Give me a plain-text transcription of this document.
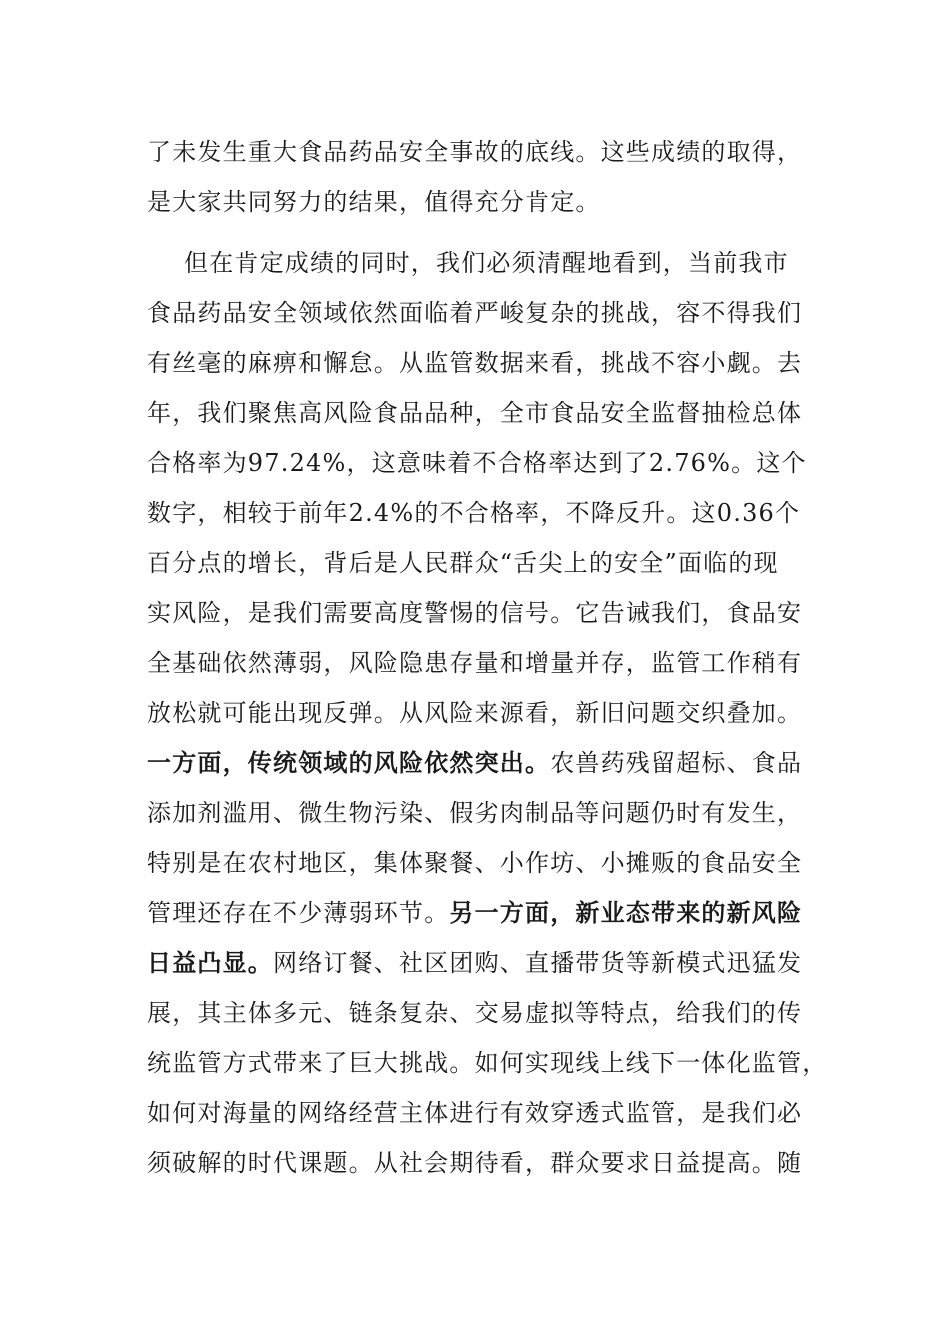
了未发生重大食品药品安全事故的底线。这些成绩的取得，
是大家共同努力的结果，值得充分肯定。
但在肯定成绩的同时，我们必须清醒地看到，当前我市
食品药品安全领域依然面临着严峻复杂的挑战，容不得我们
有丝毫的麻痹和懈怠。从监管数据来看，挑战不容小觑。去
年，我们聚焦高风险食品品种，全市食品安全监督抽检总体
合格率为97.24%，这意味着不合格率达到了2.76%。这个
数字，相较于前年2.4%的不合格率，不降反升。这0.36个
百分点的增长，背后是人民群众“舌尖上的安全”面临的现
实风险，是我们需要高度警惕的信号。它告诫我们，食品安
全基础依然薄弱，风险隐患存量和增量并存，监管工作稍有
放松就可能出现反弹。从风险来源看，新旧问题交织叠加。
一方面，传统领域的风险依然突出。农兽药残留超标、食品
添加剂滥用、微生物污染、假劣肉制品等问题仍时有发生，
特别是在农村地区，集体聚餐、小作坊、小摊贩的食品安全
管理还存在不少薄弱环节。另一方面，新业态带来的新风险
日益凸显。网络订餐、社区团购、直播带货等新模式迅猛发
展，其主体多元、链条复杂、交易虚拟等特点，给我们的传
统监管方式带来了巨大挑战。如何实现线上线下一体化监管，
如何对海量的网络经营主体进行有效穿透式监管，是我们必
须破解的时代课题。从社会期待看，群众要求日益提高。随
